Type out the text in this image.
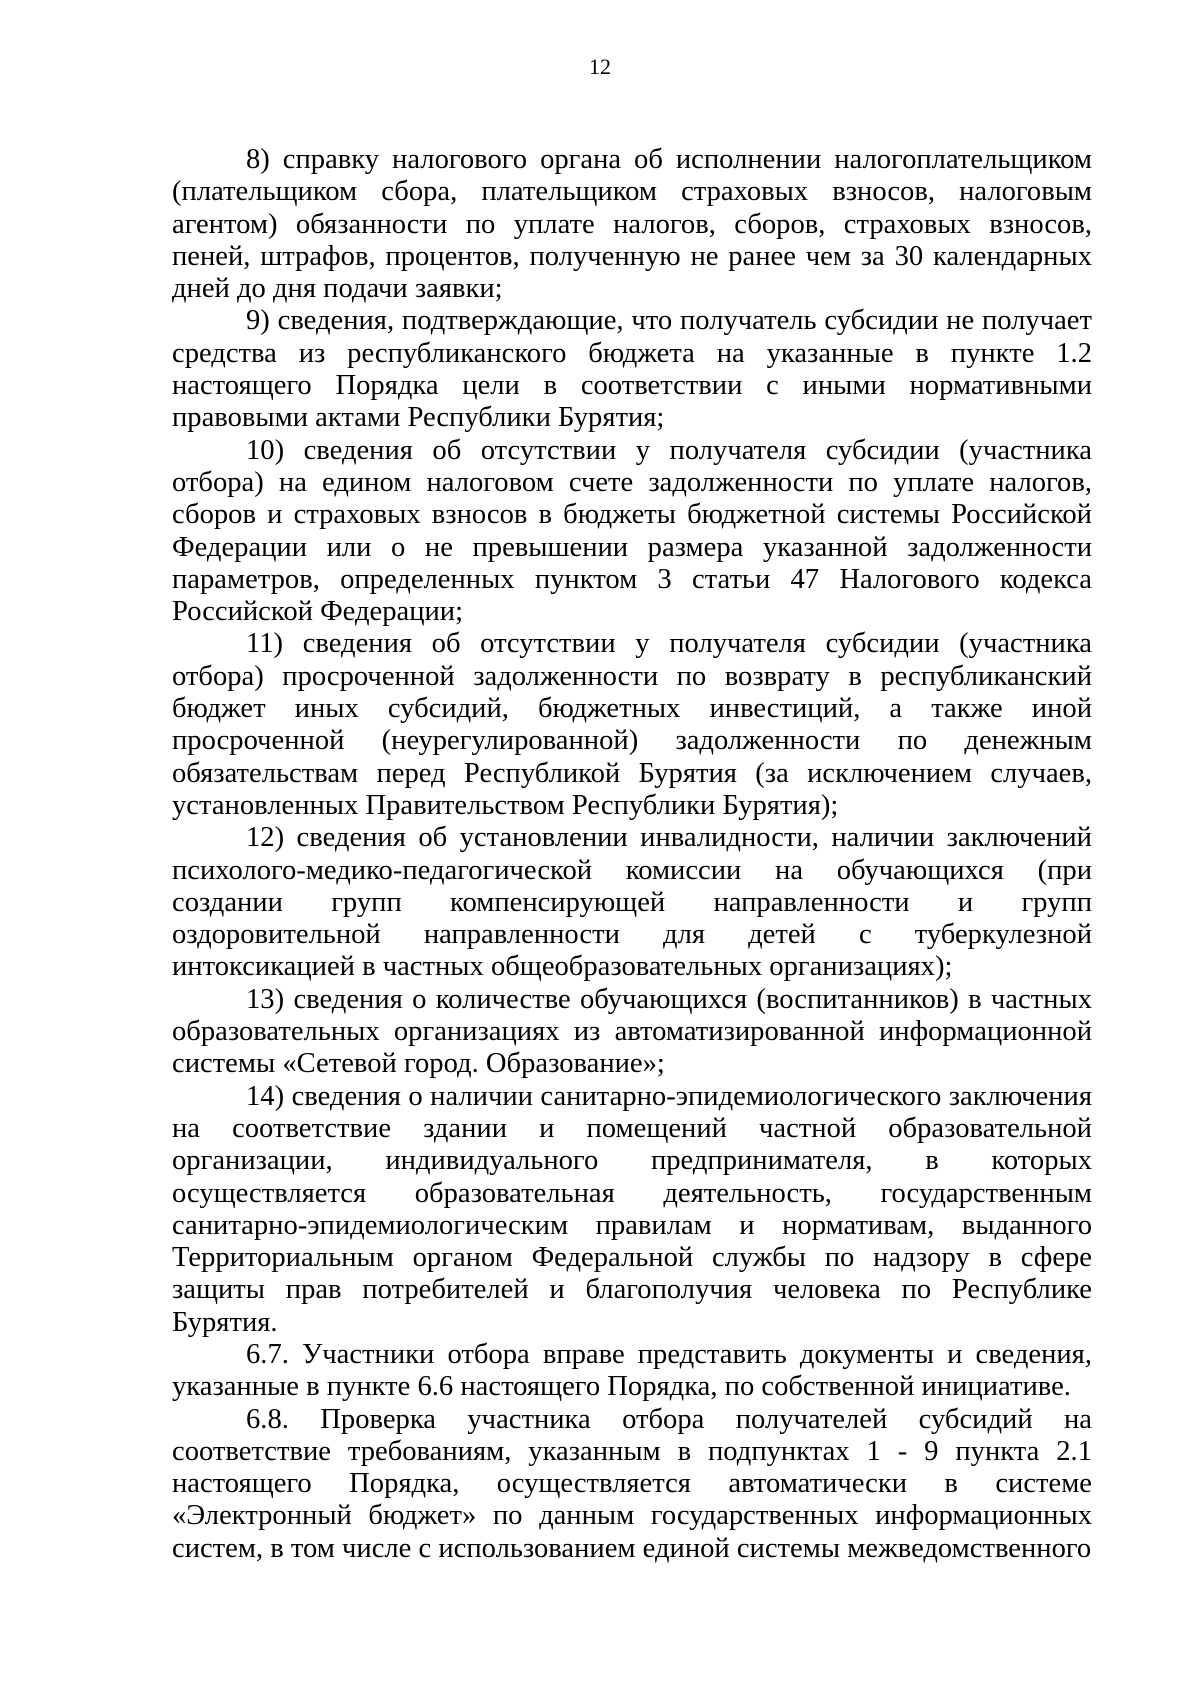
12

8) справку налогового органа об исполнении налогоплательщиком (плательщиком сбора, плательщиком страховых взносов, налоговым агентом) обязанности по уплате налогов, сборов, страховых взносов, пеней, штрафов, процентов, полученную не ранее чем за 30 календарных дней до дня подачи заявки;

9) сведения, подтверждающие, что получатель субсидии не получает средства из республиканского бюджета на указанные в пункте 1.2 настоящего Порядка цели в соответствии с иными нормативными правовыми актами Республики Бурятия;

10) сведения об отсутствии у получателя субсидии (участника отбора) на едином налоговом счете задолженности по уплате налогов, сборов и страховых взносов в бюджеты бюджетной системы Российской Федерации или о не превышении размера указанной задолженности параметров, определенных пунктом 3 статьи 47 Налогового кодекса Российской Федерации;

11) сведения об отсутствии у получателя субсидии (участника отбора) просроченной задолженности по возврату в республиканский бюджет иных субсидий, бюджетных инвестиций, а также иной просроченной (неурегулированной) задолженности по денежным обязательствам перед Республикой Бурятия (за исключением случаев, установленных Правительством Республики Бурятия);

12) сведения об установлении инвалидности, наличии заключений психолого-медико-педагогической комиссии на обучающихся (при создании групп компенсирующей направленности и групп оздоровительной направленности для детей с туберкулезной интоксикацией в частных общеобразовательных организациях);

13) сведения о количестве обучающихся (воспитанников) в частных образовательных организациях из автоматизированной информационной системы «Сетевой город. Образование»;

14) сведения о наличии санитарно-эпидемиологического заключения на соответствие здании и помещений частной образовательной организации, индивидуального предпринимателя, в которых осуществляется образовательная деятельность, государственным санитарно-эпидемиологическим правилам и нормативам, выданного Территориальным органом Федеральной службы по надзору в сфере защиты прав потребителей и благополучия человека по Республике Бурятия.

6.7. Участники отбора вправе представить документы и сведения, указанные в пункте 6.6 настоящего Порядка, по собственной инициативе.

6.8. Проверка участника отбора получателей субсидий на соответствие требованиям, указанным в подпунктах 1 - 9 пункта 2.1 настоящего Порядка, осуществляется автоматически в системе «Электронный бюджет» по данным государственных информационных систем, в том числе с использованием единой системы межведомственного
